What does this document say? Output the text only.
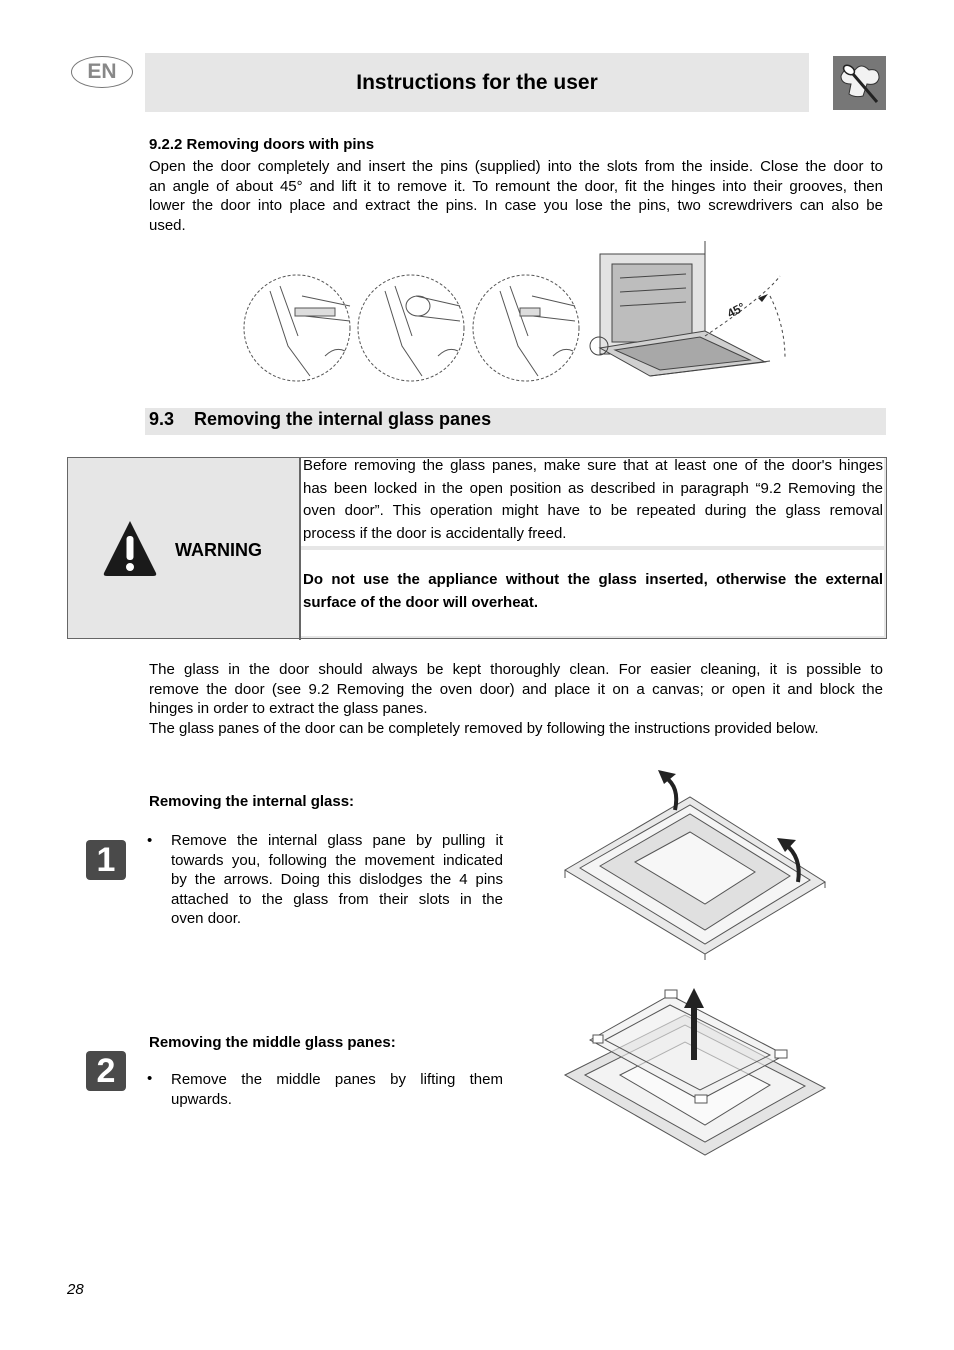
EN	Instructions for the user
9.2.2 Removing doors with pins
Open the door completely and insert the pins (supplied) into the slots from the inside. Close the door to
an angle of about 45° and lift it to remove it. To remount the door, fit the hinges into their grooves, then
lower the door into place and extract the pins. In case you lose the pins, two screwdrivers can also be
used.
45°
9.3 Removing the internal glass panes
WARNING
Before removing the glass panes, make sure that at least one of the door's hinges
has been locked in the open position as described in paragraph “9.2 Removing the
oven door”. This operation might have to be repeated during the glass removal
process if the door is accidentally freed.
Do not use the appliance without the glass inserted, otherwise the external
surface of the door will overheat.
The glass in the door should always be kept thoroughly clean. For easier cleaning, it is possible to
remove the door (see 9.2 Removing the oven door) and place it on a canvas; or open it and block the
hinges in order to extract the glass panes.
The glass panes of the door can be completely removed by following the instructions provided below.
Removing the internal glass:
1 • Remove the internal glass pane by pulling it
towards you, following the movement indicated
by the arrows. Doing this dislodges the 4 pins
attached to the glass from their slots in the
oven door.
Removing the middle glass panes:
2 • Remove the middle panes by lifting them
upwards.
28
